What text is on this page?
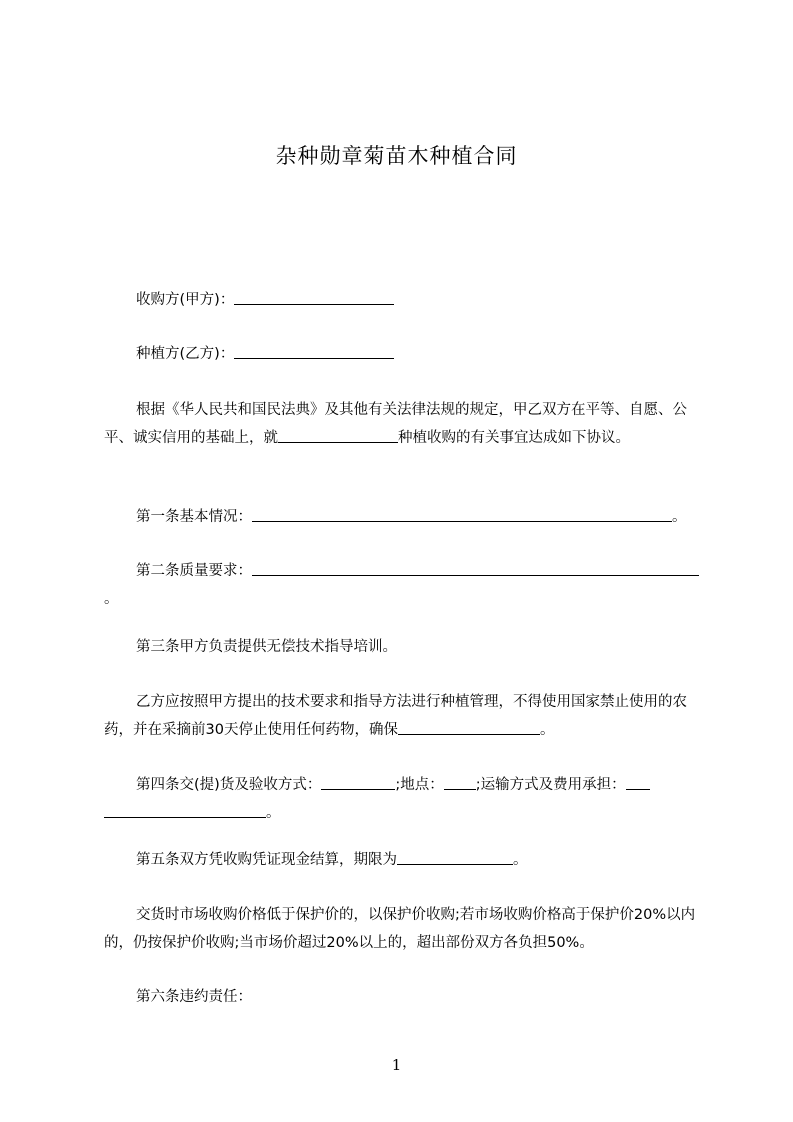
杂种勋章菊苗木种植合同

收购方(甲方)：

种植方(乙方)：

根据《华人民共和国民法典》及其他有关法律法规的规定，甲乙双方在平等、自愿、公平、诚实信用的基础上，就	种植收购的有关事宜达成如下协议。

第一条基本情况：	。

第二条质量要求：。

第三条甲方负责提供无偿技术指导培训。

乙方应按照甲方提出的技术要求和指导方法进行种植管理，不得使用国家禁止使用的农药，并在采摘前30天停止使用任何药物，确保	。

第四条交(提)货及验收方式：	;地点： ;运输方式及费用承担：。

第五条双方凭收购凭证现金结算，期限为	。

交货时市场收购价格低于保护价的，以保护价收购;若市场收购价格高于保护价20%以内的，仍按保护价收购;当市场价超过20%以上的，超出部份双方各负担50%。

第六条违约责任：

1
